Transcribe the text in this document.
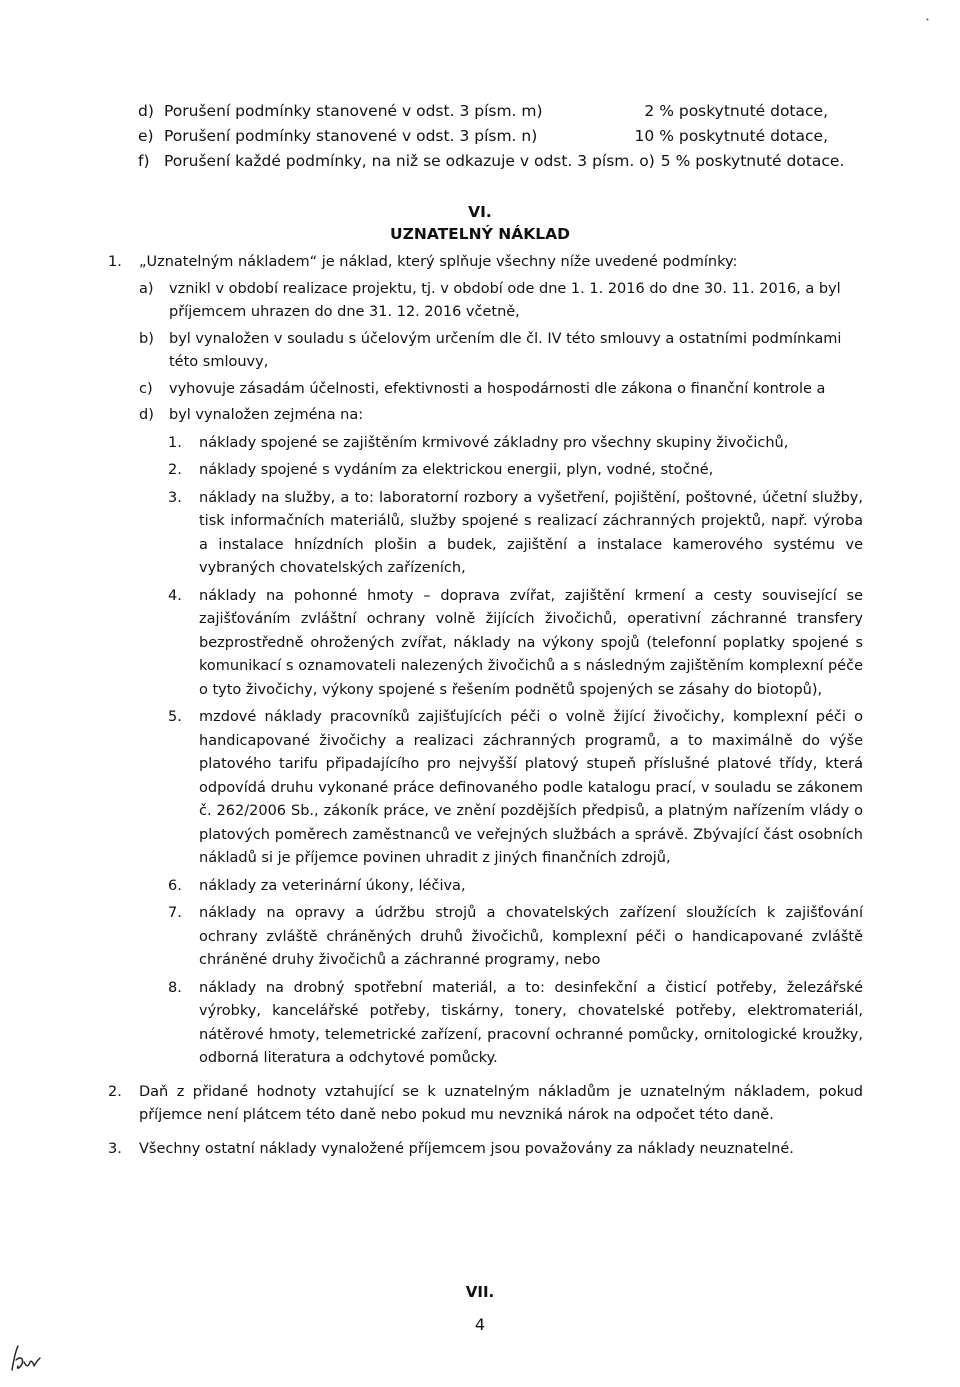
d) Porušení podmínky stanovené v odst. 3 písm. m)	2 % poskytnuté dotace,
e) Porušení podmínky stanovené v odst. 3 písm. n)	10 % poskytnuté dotace,
f) Porušení každé podmínky, na niž se odkazuje v odst. 3 písm. o) 5 % poskytnuté dotace.
VI.
UZNATELNÝ NÁKLAD
1.	„Uznatelným nákladem“ je náklad, který splňuje všechny níže uvedené podmínky:
a)	vznikl v období realizace projektu, tj. v období ode dne 1. 1. 2016 do dne 30. 11. 2016, a byl příjemcem uhrazen do dne 31. 12. 2016 včetně,
b)	byl vynaložen v souladu s účelovým určením dle čl. IV této smlouvy a ostatními podmínkami této smlouvy,
c)	vyhovuje zásadám účelnosti, efektivnosti a hospodárnosti dle zákona o finanční kontrole a
d)	byl vynaložen zejména na:
1.	náklady spojené se zajištěním krmivové základny pro všechny skupiny živočichů,
2.	náklady spojené s vydáním za elektrickou energii, plyn, vodné, stočné,
3.	náklady na služby, a to: laboratorní rozbory a vyšetření, pojištění, poštovné, účetní služby, tisk informačních materiálů, služby spojené s realizací záchranných projektů, např. výroba a instalace hnízdních plošin a budek, zajištění a instalace kamerového systému ve vybraných chovatelských zařízeních,
4.	náklady na pohonné hmoty – doprava zvířat, zajištění krmení a cesty související se zajišťováním zvláštní ochrany volně žijících živočichů, operativní záchranné transfery bezprostředně ohrožených zvířat, náklady na výkony spojů (telefonní poplatky spojené s komunikací s oznamovateli nalezených živočichů a s následným zajištěním komplexní péče o tyto živočichy, výkony spojené s řešením podnětů spojených se zásahy do biotopů),
5.	mzdové náklady pracovníků zajišťujících péči o volně žijící živočichy, komplexní péči o handicapované živočichy a realizaci záchranných programů, a to maximálně do výše platového tarifu připadajícího pro nejvyšší platový stupeň příslušné platové třídy, která odpovídá druhu vykonané práce definovaného podle katalogu prací, v souladu se zákonem č. 262/2006 Sb., zákoník práce, ve znění pozdějších předpisů, a platným nařízením vlády o platových poměrech zaměstnanců ve veřejných službách a správě. Zbývající část osobních nákladů si je příjemce povinen uhradit z jiných finančních zdrojů,
6.	náklady za veterinární úkony, léčiva,
7.	náklady na opravy a údržbu strojů a chovatelských zařízení sloužících k zajišťování ochrany zvláště chráněných druhů živočichů, komplexní péči o handicapované zvláště chráněné druhy živočichů a záchranné programy, nebo
8.	náklady na drobný spotřební materiál, a to: desinfekční a čisticí potřeby, železářské výrobky, kancelářské potřeby, tiskárny, tonery, chovatelské potřeby, elektromateriál, nátěrové hmoty, telemetrické zařízení, pracovní ochranné pomůcky, ornitologické kroužky, odborná literatura a odchytové pomůcky.
2.	Daň z přidané hodnoty vztahující se k uznatelným nákladům je uznatelným nákladem, pokud příjemce není plátcem této daně nebo pokud mu nevzniká nárok na odpočet této daně.
3.	Všechny ostatní náklady vynaložené příjemcem jsou považovány za náklady neuznatelné.
VII.
4
